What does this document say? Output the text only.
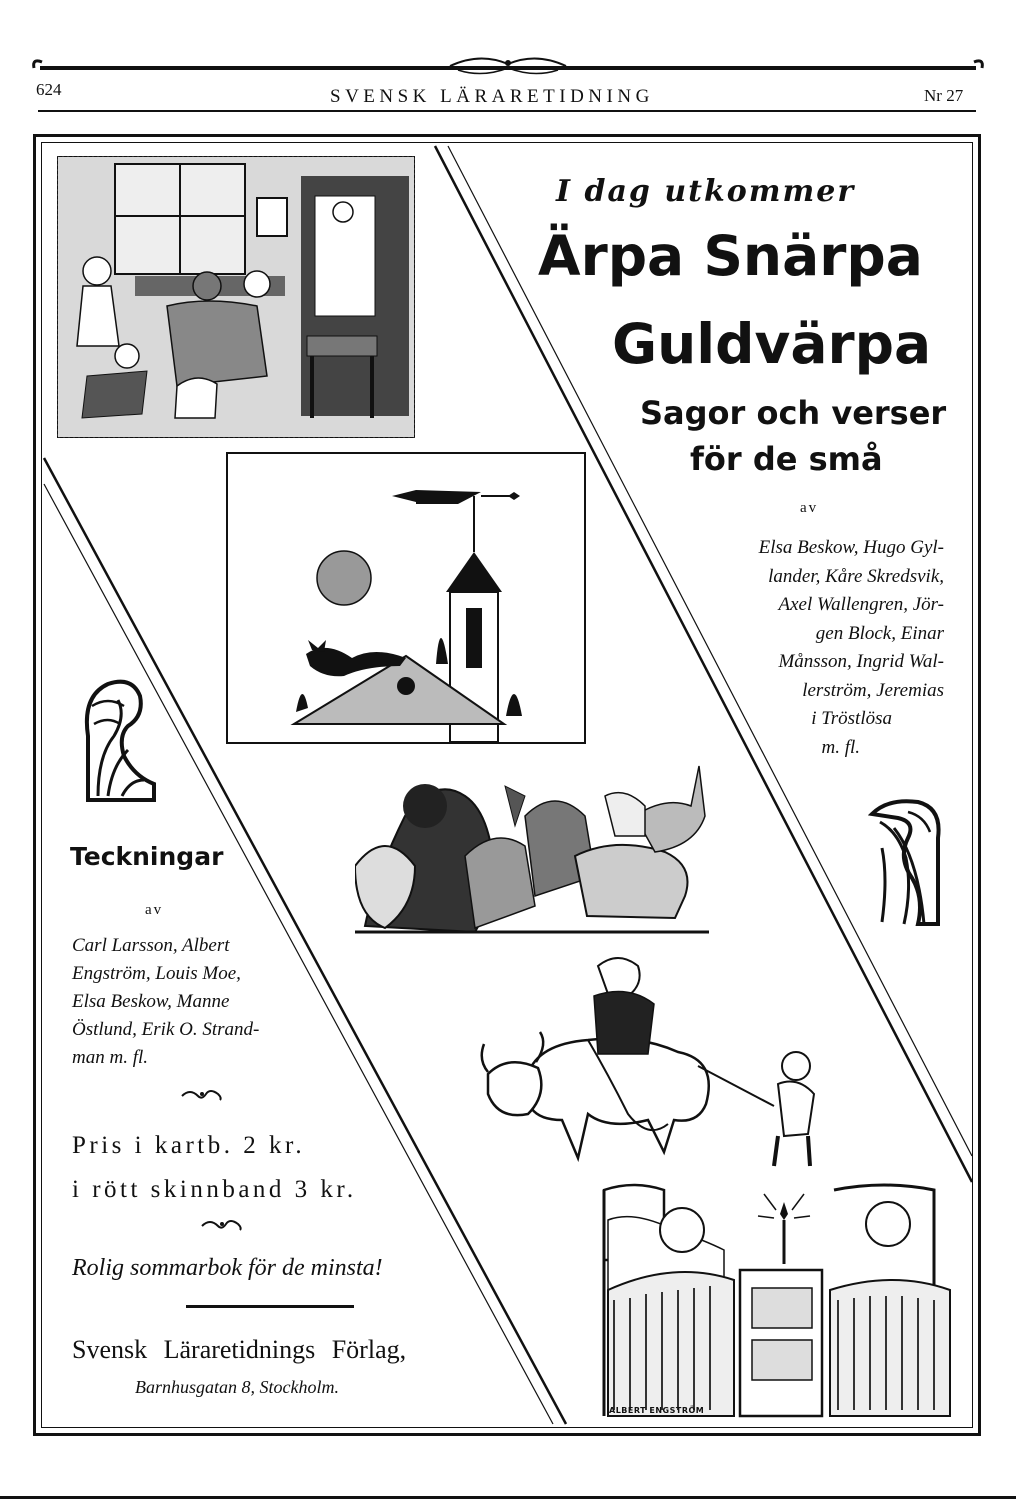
624	SVENSK LÄRARETIDNING	Nr 27
ALBERT ENGSTRÖM
I dag utkommer
Ärpa Snärpa
Guldvärpa
Sagor och verser
för de små
av
Elsa Beskow, Hugo Gyl-
lander, Kåre Skredsvik,
Axel Wallengren, Jör-
gen Block, Einar
Månsson, Ingrid Wal-
lerström, Jeremias
i Tröstlösa
m. fl.
Teckningar
av
Carl Larsson, Albert
Engström, Louis Moe,
Elsa Beskow, Manne
Östlund, Erik O. Strand-
man m. fl.
Pris i kartb. 2 kr.
i rött skinnband 3 kr.
Rolig sommarbok för de minsta!
Svensk Läraretidnings Förlag,
Barnhusgatan 8, Stockholm.
